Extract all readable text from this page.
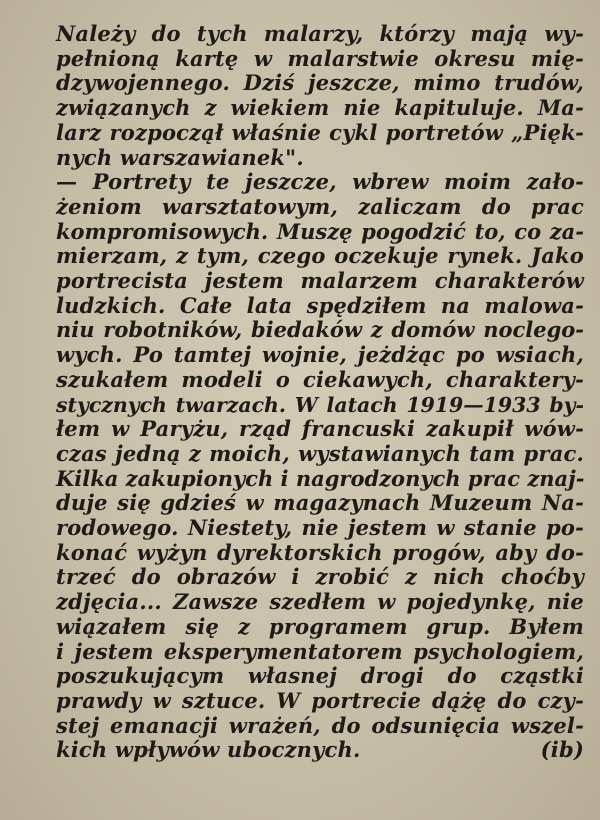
Należy do tych malarzy, którzy mają wy-
pełnioną kartę w malarstwie okresu mię-
dzywojennego. Dziś jeszcze, mimo trudów,
związanych z wiekiem nie kapituluje. Ma-
larz rozpoczął właśnie cykl portretów „Pięk-
nych warszawianek".

— Portrety te jeszcze, wbrew moim zało-
żeniom warsztatowym, zaliczam do prac
kompromisowych. Muszę pogodzić to, co za-
mierzam, z tym, czego oczekuje rynek. Jako
portrecista jestem malarzem charakterów
ludzkich. Całe lata spędziłem na malowa-
niu robotników, biedaków z domów noclego-
wych. Po tamtej wojnie, jeżdżąc po wsiach,
szukałem modeli o ciekawych, charaktery-
stycznych twarzach. W latach 1919—1933 by-
łem w Paryżu, rząd francuski zakupił wów-
czas jedną z moich, wystawianych tam prac.
Kilka zakupionych i nagrodzonych prac znaj-
duje się gdzieś w magazynach Muzeum Na-
rodowego. Niestety, nie jestem w stanie po-
konać wyżyn dyrektorskich progów, aby do-
trzeć do obrazów i zrobić z nich choćby
zdjęcia... Zawsze szedłem w pojedynkę, nie
wiązałem się z programem grup. Byłem
i jestem eksperymentatorem psychologiem,
poszukującym własnej drogi do cząstki
prawdy w sztuce. W portrecie dążę do czy-
stej emanacji wrażeń, do odsunięcia wszel-
kich wpływów ubocznych.	(ib)
